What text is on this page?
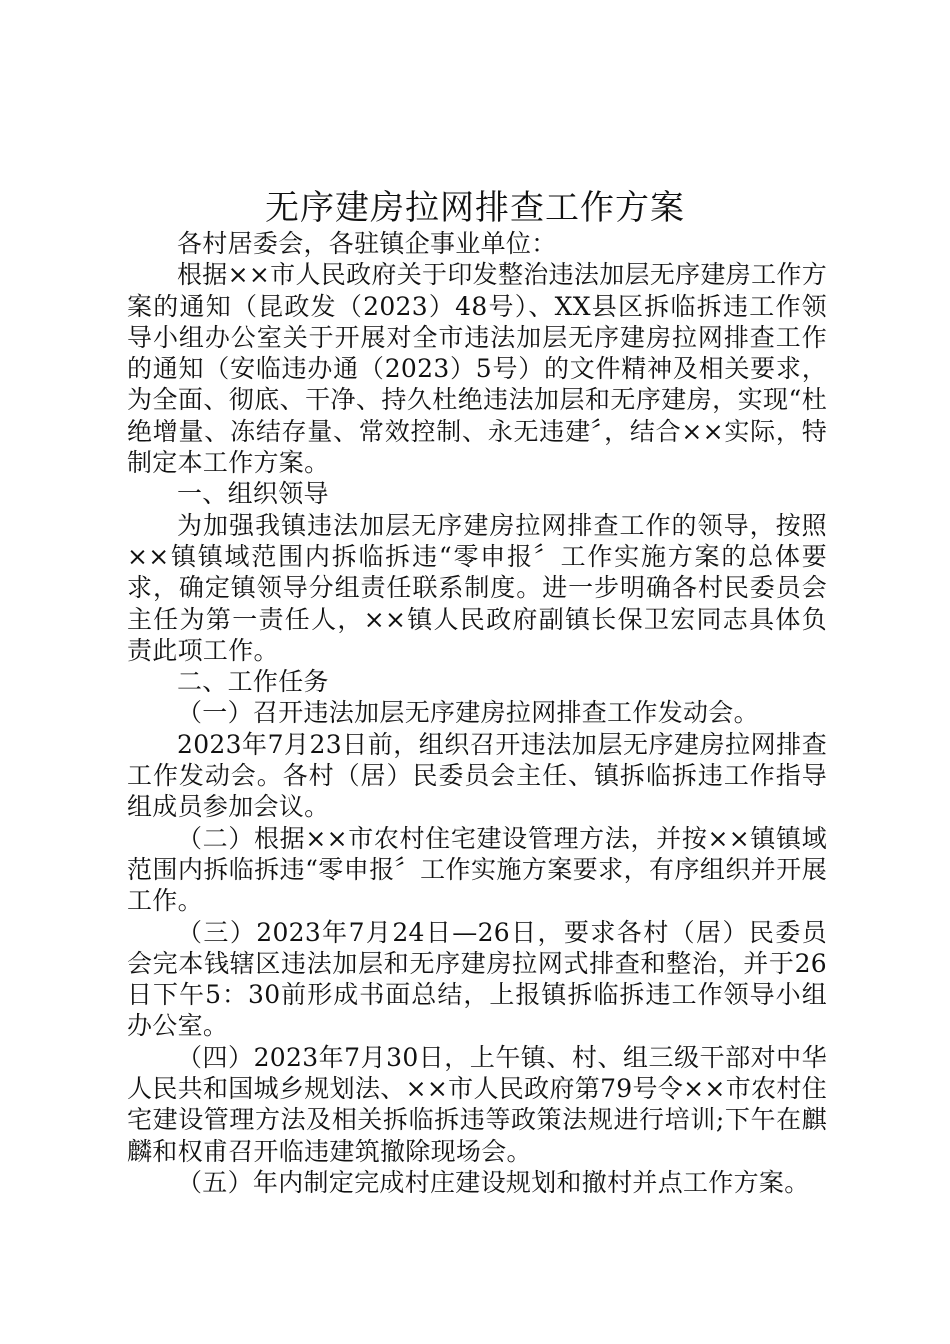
无序建房拉网排查工作方案

各村居委会，各驻镇企事业单位：

根据××市人民政府关于印发整治违法加层无序建房工作方案的通知（昆政发（2023）48号）、XX县区拆临拆违工作领导小组办公室关于开展对全市违法加层无序建房拉网排查工作的通知（安临违办通（2023）5号）的文件精神及相关要求，为全面、彻底、干净、持久杜绝违法加层和无序建房，实现“杜绝增量、冻结存量、常效控制、永无违建〞，结合××实际，特制定本工作方案。

一、组织领导

为加强我镇违法加层无序建房拉网排查工作的领导，按照××镇镇域范围内拆临拆违“零申报〞工作实施方案的总体要求，确定镇领导分组责任联系制度。进一步明确各村民委员会主任为第一责任人，××镇人民政府副镇长保卫宏同志具体负责此项工作。

二、工作任务

（一）召开违法加层无序建房拉网排查工作发动会。

2023年7月23日前，组织召开违法加层无序建房拉网排查工作发动会。各村（居）民委员会主任、镇拆临拆违工作指导组成员参加会议。

（二）根据××市农村住宅建设管理方法，并按××镇镇域范围内拆临拆违“零申报〞工作实施方案要求，有序组织并开展工作。

（三）2023年7月24日—26日，要求各村（居）民委员会完本钱辖区违法加层和无序建房拉网式排查和整治，并于26日下午5：30前形成书面总结，上报镇拆临拆违工作领导小组办公室。

（四）2023年7月30日，上午镇、村、组三级干部对中华人民共和国城乡规划法、××市人民政府第79号令××市农村住宅建设管理方法及相关拆临拆违等政策法规进行培训;下午在麒麟和权甫召开临违建筑撤除现场会。

（五）年内制定完成村庄建设规划和撤村并点工作方案。
